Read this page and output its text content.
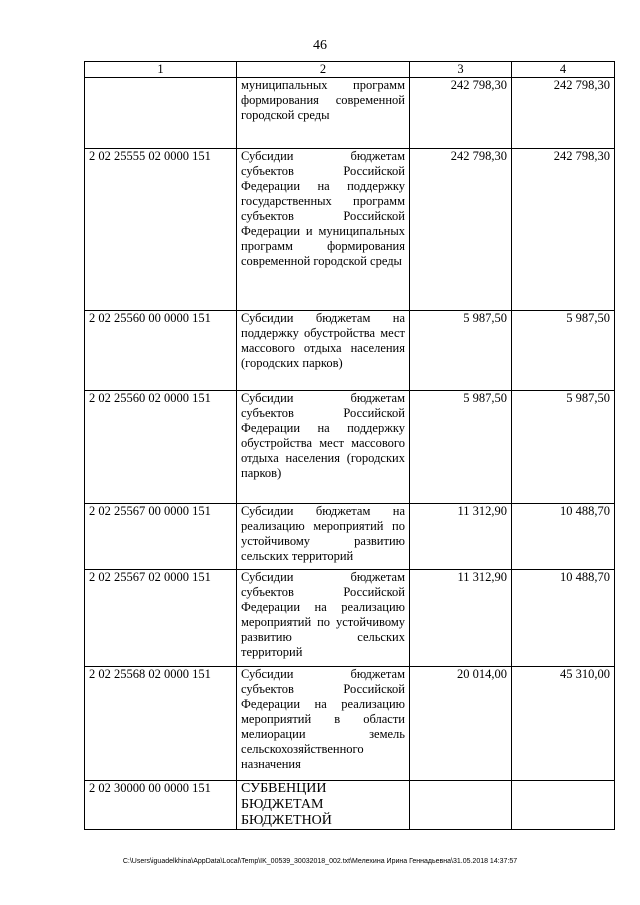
46
1	2	3	4
	муниципальных программ формирования современной городской среды	242 798,30	242 798,30
2 02 25555 02 0000 151	Субсидии бюджетам субъектов Российской Федерации на поддержку государственных программ субъектов Российской Федерации и муниципальных программ формирования современной городской среды	242 798,30	242 798,30
2 02 25560 00 0000 151	Субсидии бюджетам на поддержку обустройства мест массового отдыха населения (городских парков)	5 987,50	5 987,50
2 02 25560 02 0000 151	Субсидии бюджетам субъектов Российской Федерации на поддержку обустройства мест массового отдыха населения (городских парков)	5 987,50	5 987,50
2 02 25567 00 0000 151	Субсидии бюджетам на реализацию мероприятий по устойчивому развитию сельских территорий	11 312,90	10 488,70
2 02 25567 02 0000 151	Субсидии бюджетам субъектов Российской Федерации на реализацию мероприятий по устойчивому развитию сельских территорий	11 312,90	10 488,70
2 02 25568 02 0000 151	Субсидии бюджетам субъектов Российской Федерации на реализацию мероприятий в области мелиорации земель сельскохозяйственного назначения	20 014,00	45 310,00
2 02 30000 00 0000 151	СУБВЕНЦИИ БЮДЖЕТАМ БЮДЖЕТНОЙ		
C:\Users\iguadelkhina\AppData\Local\Temp\IK_00539_30032018_002.txt\Мелехина Ирина Геннадьевна\31.05.2018 14:37:57
